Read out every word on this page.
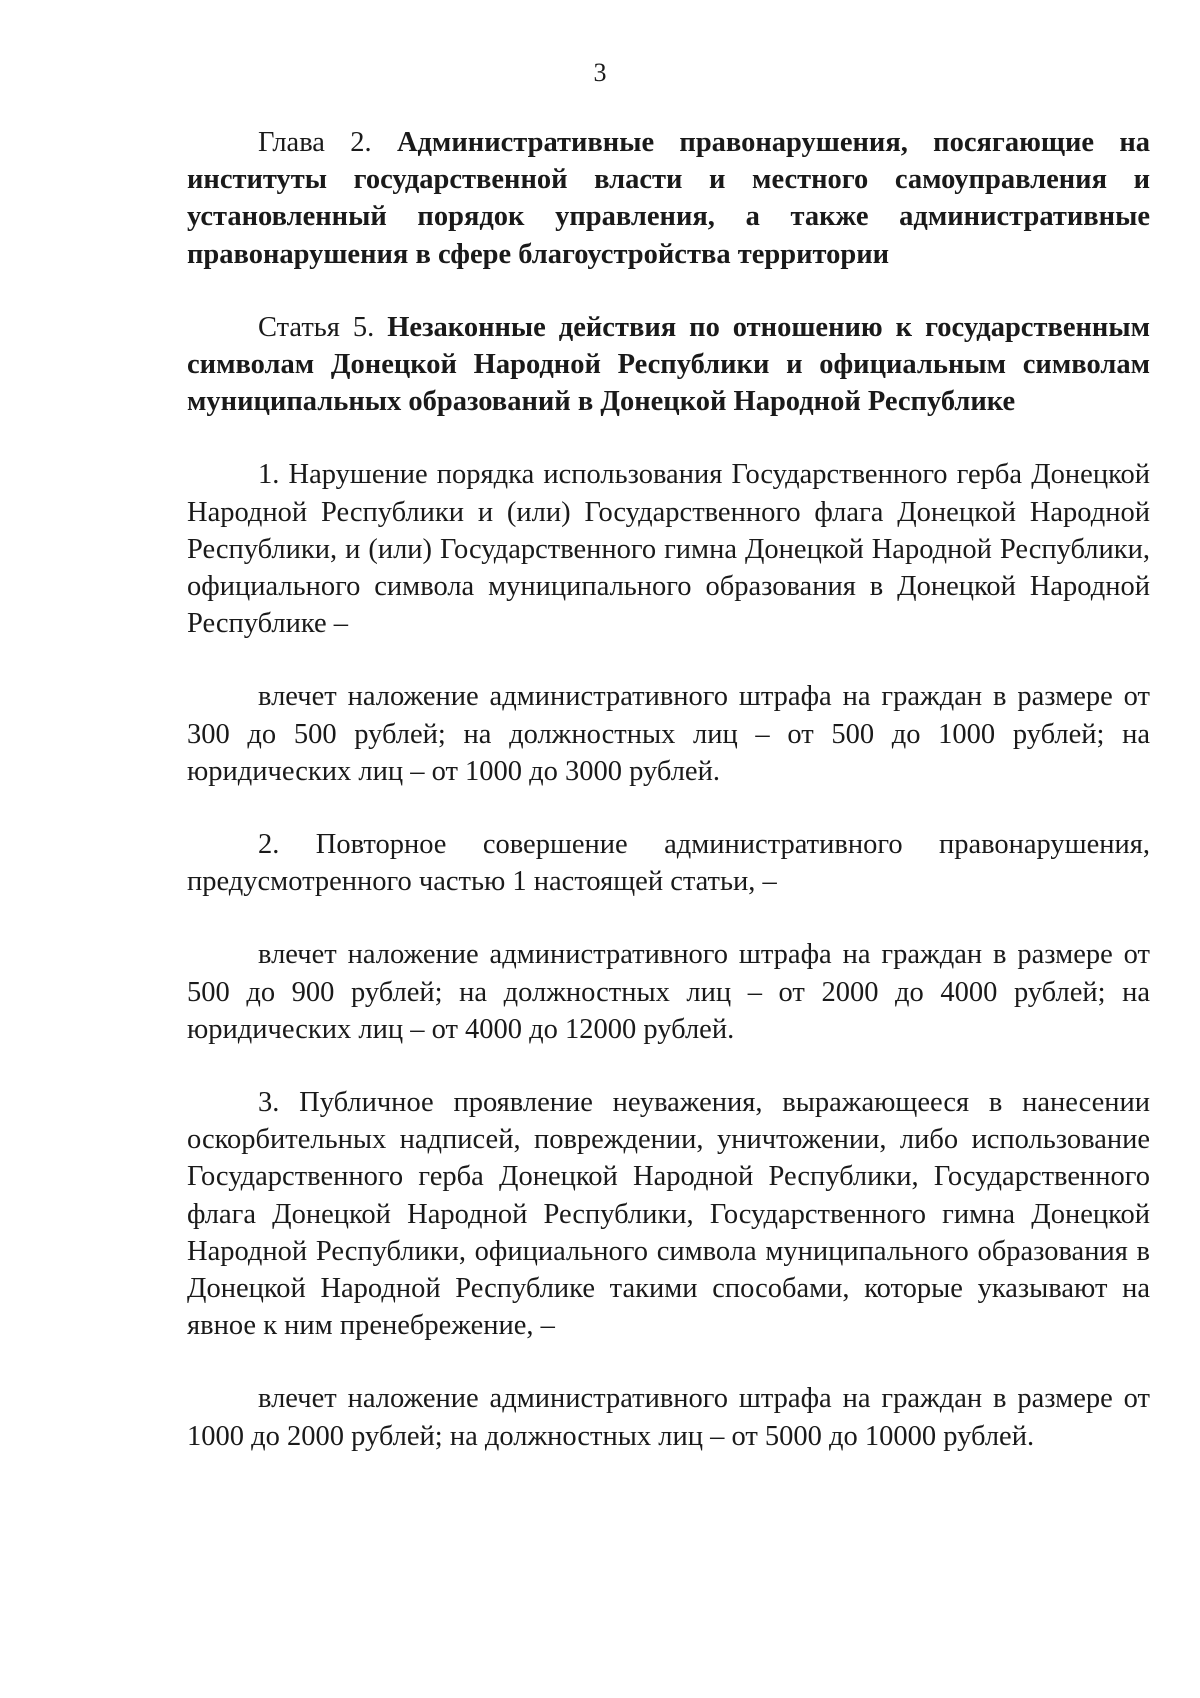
3

Глава 2. Административные правонарушения, посягающие на институты государственной власти и местного самоуправления и установленный порядок управления, а также административные правонарушения в сфере благоустройства территории

Статья 5. Незаконные действия по отношению к государственным символам Донецкой Народной Республики и официальным символам муниципальных образований в Донецкой Народной Республике

1. Нарушение порядка использования Государственного герба Донецкой Народной Республики и (или) Государственного флага Донецкой Народной Республики, и (или) Государственного гимна Донецкой Народной Республики, официального символа муниципального образования в Донецкой Народной Республике –

влечет наложение административного штрафа на граждан в размере от 300 до 500 рублей; на должностных лиц – от 500 до 1000 рублей; на юридических лиц – от 1000 до 3000 рублей.

2. Повторное совершение административного правонарушения, предусмотренного частью 1 настоящей статьи, –

влечет наложение административного штрафа на граждан в размере от 500 до 900 рублей; на должностных лиц – от 2000 до 4000 рублей; на юридических лиц – от 4000 до 12000 рублей.

3. Публичное проявление неуважения, выражающееся в нанесении оскорбительных надписей, повреждении, уничтожении, либо использование Государственного герба Донецкой Народной Республики, Государственного флага Донецкой Народной Республики, Государственного гимна Донецкой Народной Республики, официального символа муниципального образования в Донецкой Народной Республике такими способами, которые указывают на явное к ним пренебрежение, –

влечет наложение административного штрафа на граждан в размере от 1000 до 2000 рублей; на должностных лиц – от 5000 до 10000 рублей.
